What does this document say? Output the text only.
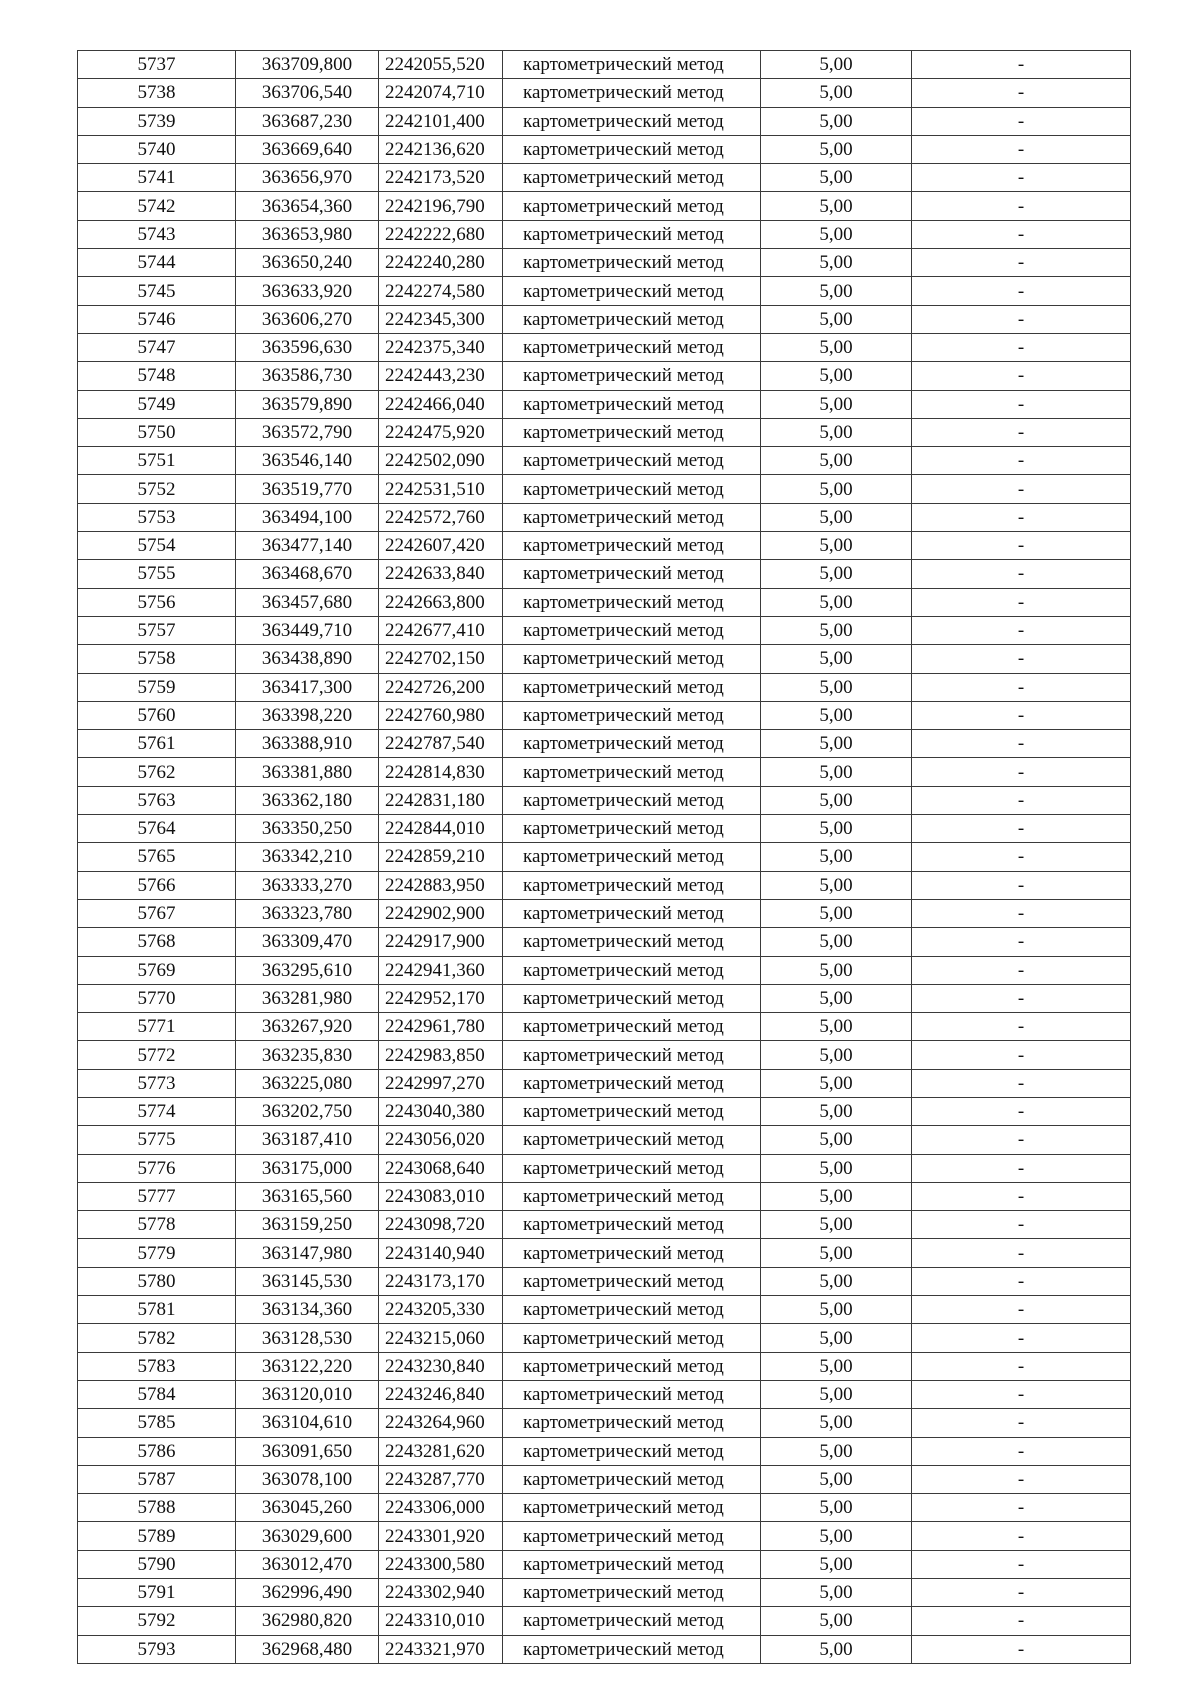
5737	363709,800	2242055,520	картометрический метод	5,00	-
5738	363706,540	2242074,710	картометрический метод	5,00	-
5739	363687,230	2242101,400	картометрический метод	5,00	-
5740	363669,640	2242136,620	картометрический метод	5,00	-
5741	363656,970	2242173,520	картометрический метод	5,00	-
5742	363654,360	2242196,790	картометрический метод	5,00	-
5743	363653,980	2242222,680	картометрический метод	5,00	-
5744	363650,240	2242240,280	картометрический метод	5,00	-
5745	363633,920	2242274,580	картометрический метод	5,00	-
5746	363606,270	2242345,300	картометрический метод	5,00	-
5747	363596,630	2242375,340	картометрический метод	5,00	-
5748	363586,730	2242443,230	картометрический метод	5,00	-
5749	363579,890	2242466,040	картометрический метод	5,00	-
5750	363572,790	2242475,920	картометрический метод	5,00	-
5751	363546,140	2242502,090	картометрический метод	5,00	-
5752	363519,770	2242531,510	картометрический метод	5,00	-
5753	363494,100	2242572,760	картометрический метод	5,00	-
5754	363477,140	2242607,420	картометрический метод	5,00	-
5755	363468,670	2242633,840	картометрический метод	5,00	-
5756	363457,680	2242663,800	картометрический метод	5,00	-
5757	363449,710	2242677,410	картометрический метод	5,00	-
5758	363438,890	2242702,150	картометрический метод	5,00	-
5759	363417,300	2242726,200	картометрический метод	5,00	-
5760	363398,220	2242760,980	картометрический метод	5,00	-
5761	363388,910	2242787,540	картометрический метод	5,00	-
5762	363381,880	2242814,830	картометрический метод	5,00	-
5763	363362,180	2242831,180	картометрический метод	5,00	-
5764	363350,250	2242844,010	картометрический метод	5,00	-
5765	363342,210	2242859,210	картометрический метод	5,00	-
5766	363333,270	2242883,950	картометрический метод	5,00	-
5767	363323,780	2242902,900	картометрический метод	5,00	-
5768	363309,470	2242917,900	картометрический метод	5,00	-
5769	363295,610	2242941,360	картометрический метод	5,00	-
5770	363281,980	2242952,170	картометрический метод	5,00	-
5771	363267,920	2242961,780	картометрический метод	5,00	-
5772	363235,830	2242983,850	картометрический метод	5,00	-
5773	363225,080	2242997,270	картометрический метод	5,00	-
5774	363202,750	2243040,380	картометрический метод	5,00	-
5775	363187,410	2243056,020	картометрический метод	5,00	-
5776	363175,000	2243068,640	картометрический метод	5,00	-
5777	363165,560	2243083,010	картометрический метод	5,00	-
5778	363159,250	2243098,720	картометрический метод	5,00	-
5779	363147,980	2243140,940	картометрический метод	5,00	-
5780	363145,530	2243173,170	картометрический метод	5,00	-
5781	363134,360	2243205,330	картометрический метод	5,00	-
5782	363128,530	2243215,060	картометрический метод	5,00	-
5783	363122,220	2243230,840	картометрический метод	5,00	-
5784	363120,010	2243246,840	картометрический метод	5,00	-
5785	363104,610	2243264,960	картометрический метод	5,00	-
5786	363091,650	2243281,620	картометрический метод	5,00	-
5787	363078,100	2243287,770	картометрический метод	5,00	-
5788	363045,260	2243306,000	картометрический метод	5,00	-
5789	363029,600	2243301,920	картометрический метод	5,00	-
5790	363012,470	2243300,580	картометрический метод	5,00	-
5791	362996,490	2243302,940	картометрический метод	5,00	-
5792	362980,820	2243310,010	картометрический метод	5,00	-
5793	362968,480	2243321,970	картометрический метод	5,00	-
